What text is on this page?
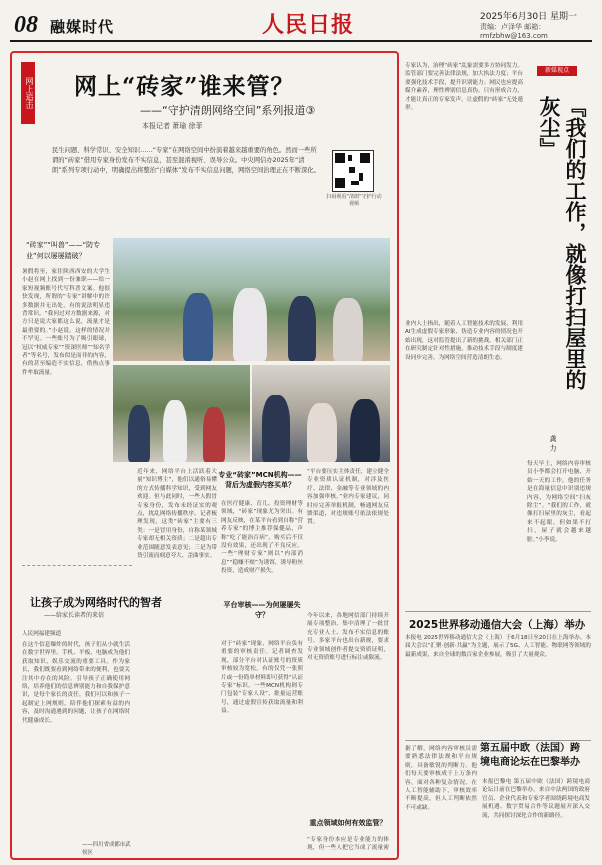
08 融媒时代	人民日报	2025年6月30日 星期一
责编：卢泽华 邮箱：rmfzbhw@163.com
网上追击 网上“砖家”谁来管？
——“守护清朗网络空间”系列报道③
本报记者 萧瑜 徐菲
民生问题、科学常识、安全知识……“专家”在网络空间中扮演着越来越重要的角色。然而一些所谓的“砖家”借用专家身份发布不实信息，甚至混淆视听、误导公众。中央网信办2025年“清朗”系列专项行动中，明确提出将整治“自媒体”发布不实信息问题，网络空间治理正在不断深化。
扫码观看“清朗”守护行动视频
“砖家”“叫兽”——“防专业”何以屡屡踏破？
暑假将至，家住陕西西安的大学生小赵在网上找到一份兼职——给一家短视频账号代写科普文案。他很快发现，所谓的“专家”讲解中的许多数据并无出处，有的说法明显违背常识。“我问过对方数据来源，对方只是说大家都这么说，流量才是最重要的。”小赵说。这样的情况并不罕见。一些账号为了吸引眼球，冠以“权威专家”“资深医师”“知名学者”等名号，发布似是而非的内容，有的甚至编造不实信息，借热点事件牟取流量。
近年来，网络平台上活跃着大量“知识博主”，他们以通俗易懂的方式传播科学知识，受到网友欢迎。但与此同时，一些人假冒专家身份，发布未经证实的观点，扰乱网络传播秩序。记者梳理发现，这类“砖家”主要有三类：一是冒用身份，自称某领域专家却无相关资质；二是超出专业范围随意发表意见；三是为带货引流而刻意夸大、歪曲事实。
专业“砖家”MCN机构——背后为虚假内容买单？
在医疗健康、育儿、投资理财等领域，“砖家”现象尤为突出。有网友反映，在某平台看到自称“营养专家”的博主推荐保健品，声称“吃了能治百病”，购买后不仅没有效果，还出现了不良反应。一些“理财专家”则以“内部消息”“稳赚不赔”为诱饵，诱导粉丝投资，造成财产损失。
对于“砖家”现象，网络平台负有重要的审核责任。记者调查发现，部分平台对认证账号的资质审核较为宽松，有的仅凭一张照片或一份简单材料即可获得“认证专家”标识。一些MCN机构则专门包装“专家人设”，批量运营账号，通过虚假宣传获取流量和利益。
平台审核——为何屡屡失守？
“平台要压实主体责任，建立健全专业资质认证机制，对涉及医疗、法律、金融等专业领域的内容加强审核。”业内专家建议，同时应完善举报机制，畅通网友反馈渠道，对违规账号依法依规处置。
今年以来，各地网信部门持续开展专项整治，集中清理了一批冒充专业人士、发布不实信息的账号。多家平台也出台新规，要求专业领域创作者提交资质证明，对无资质账号进行标注或限流。
重点领域如何有效监管？
“专家身份本应是专业能力的体现，但一些人把它当成了流量密
让孩子成为网络时代的智者
——给家长读者的来信
人民网福建频道
在这个信息爆炸的时代，孩子们从小就生活在数字世界里。手机、平板、电脑成为他们获取知识、娱乐交流的重要工具。作为家长，我们既要看到网络带来的便利，也要关注其中存在的风险。引导孩子正确使用网络，培养他们的信息辨别能力和自我保护意识，是每个家长的责任。我们可以和孩子一起制定上网规则，陪伴他们探索有益的内容，及时沟通遇到的问题，让孩子在网络时代健康成长。
——四川省成都市武侯区
专家认为，治理“砖家”乱象需要多方协同发力。监管部门要完善法律法规，加大执法力度；平台要强化技术手段，提升识别能力；网民也应提高媒介素养，理性辨别信息真伪。只有形成合力，才能让真正的专家发声，让虚假的“砖家”无处遁形。
业内人士指出，随着人工智能技术的发展，利用AI生成虚假专家形象、伪造专业内容的情况也开始出现，这对监管提出了新的挑战。相关部门正在研究制定针对性措施，推动技术手段与制度建设同步完善，为网络空间营造清朗生态。
新媒视点
『我们的工作，就像打扫屋里的灰尘』
龚 力
每天早上，网络内容审核员小李都会打开电脑，开始一天的工作。他的任务是在海量信息中识别违规内容，为网络空间“扫灰除尘”。“我们的工作，就像打扫屋里的灰尘，看起来不起眼，但如果不打扫，屋子就会越来越脏。”小李说。
2025世界移动通信大会（上海）举办
本报电 2025世界移动通信大会（上海）于6月18日至20日在上海举办。本届大会以“汇聚·创新·共赢”为主题，展示了5G、人工智能、物联网等领域的最新成果，来自全球的数百家企业参展，吸引了大量观众。
据了解，网络内容审核员需要熟悉法律法规和平台规则，具备敏锐的判断力。他们每天要审核成千上万条内容，面对各种复杂情况。在人工智能辅助下，审核效率不断提高，但人工判断依然不可或缺。
第五届中欧（法国）跨境电商论坛在巴黎举办
本报巴黎电 第五届中欧（法国）跨境电商论坛日前在巴黎举办。来自中法两国的政府官员、企业代表和专家学者围绕跨境电商发展机遇、数字贸易合作等议题展开深入交流，共同探讨深化合作的新路径。
